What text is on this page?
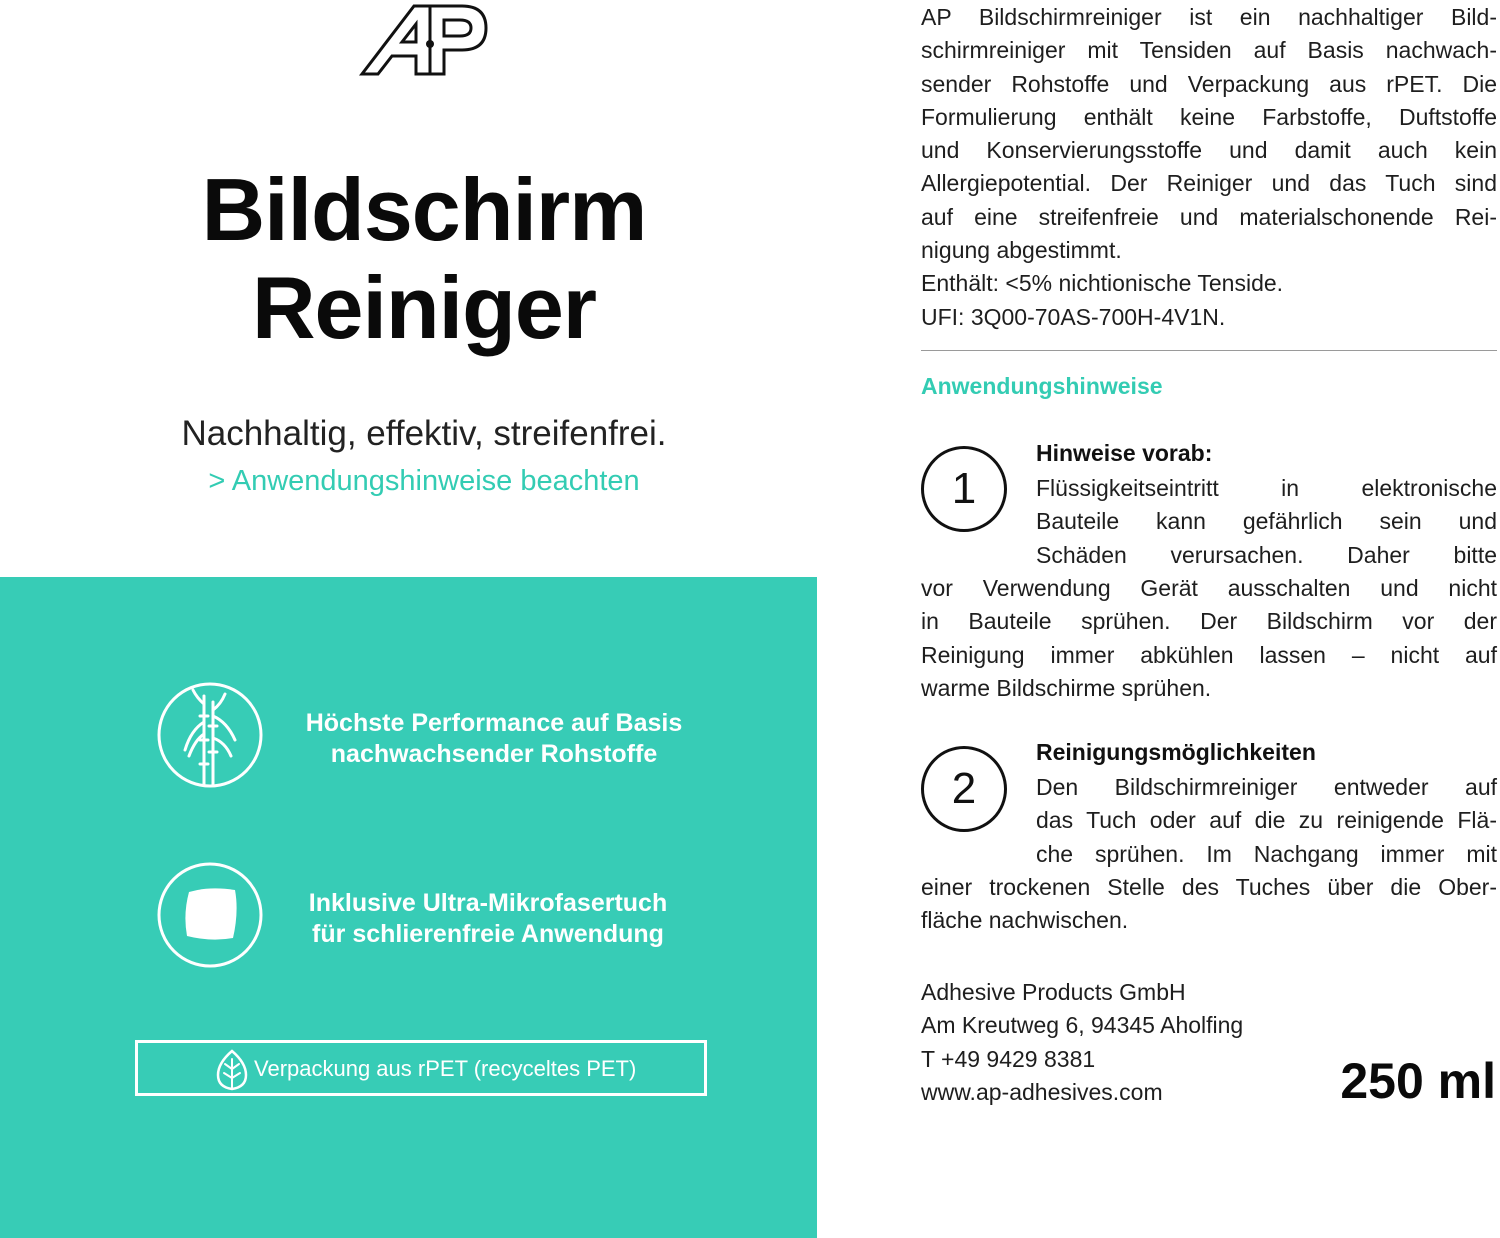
Bildschirm
Reiniger
Nachhaltig, effektiv, streifenfrei.
> Anwendungshinweise beachten
Höchste Performance auf Basis
nachwachsender Rohstoffe
Inklusive Ultra-Mikrofasertuch
für schlierenfreie Anwendung
Verpackung aus rPET (recyceltes PET)
AP Bildschirmreiniger ist ein nachhaltiger Bild-
schirmreiniger mit Tensiden auf Basis nachwach-
sender Rohstoffe und Verpackung aus rPET. Die
Formulierung enthält keine Farbstoffe, Duftstoffe
und Konservierungsstoffe und damit auch kein
Allergiepotential. Der Reiniger und das Tuch sind
auf eine streifenfreie und materialschonende Rei-
nigung abgestimmt.
Enthält: <5% nichtionische Tenside.
UFI: 3Q00-70AS-700H-4V1N.
Anwendungshinweise
1
Hinweise vorab:
Flüssigkeitseintritt in elektronische
Bauteile kann gefährlich sein und
Schäden verursachen. Daher bitte
vor Verwendung Gerät ausschalten und nicht
in Bauteile sprühen. Der Bildschirm vor der
Reinigung immer abkühlen lassen – nicht auf
warme Bildschirme sprühen.
2
Reinigungsmöglichkeiten
Den Bildschirmreiniger entweder auf
das Tuch oder auf die zu reinigende Flä-
che sprühen. Im Nachgang immer mit
einer trockenen Stelle des Tuches über die Ober-
fläche nachwischen.
Adhesive Products GmbH
Am Kreutweg 6, 94345 Aholfing
T +49 9429 8381
www.ap-adhesives.com	250 ml
